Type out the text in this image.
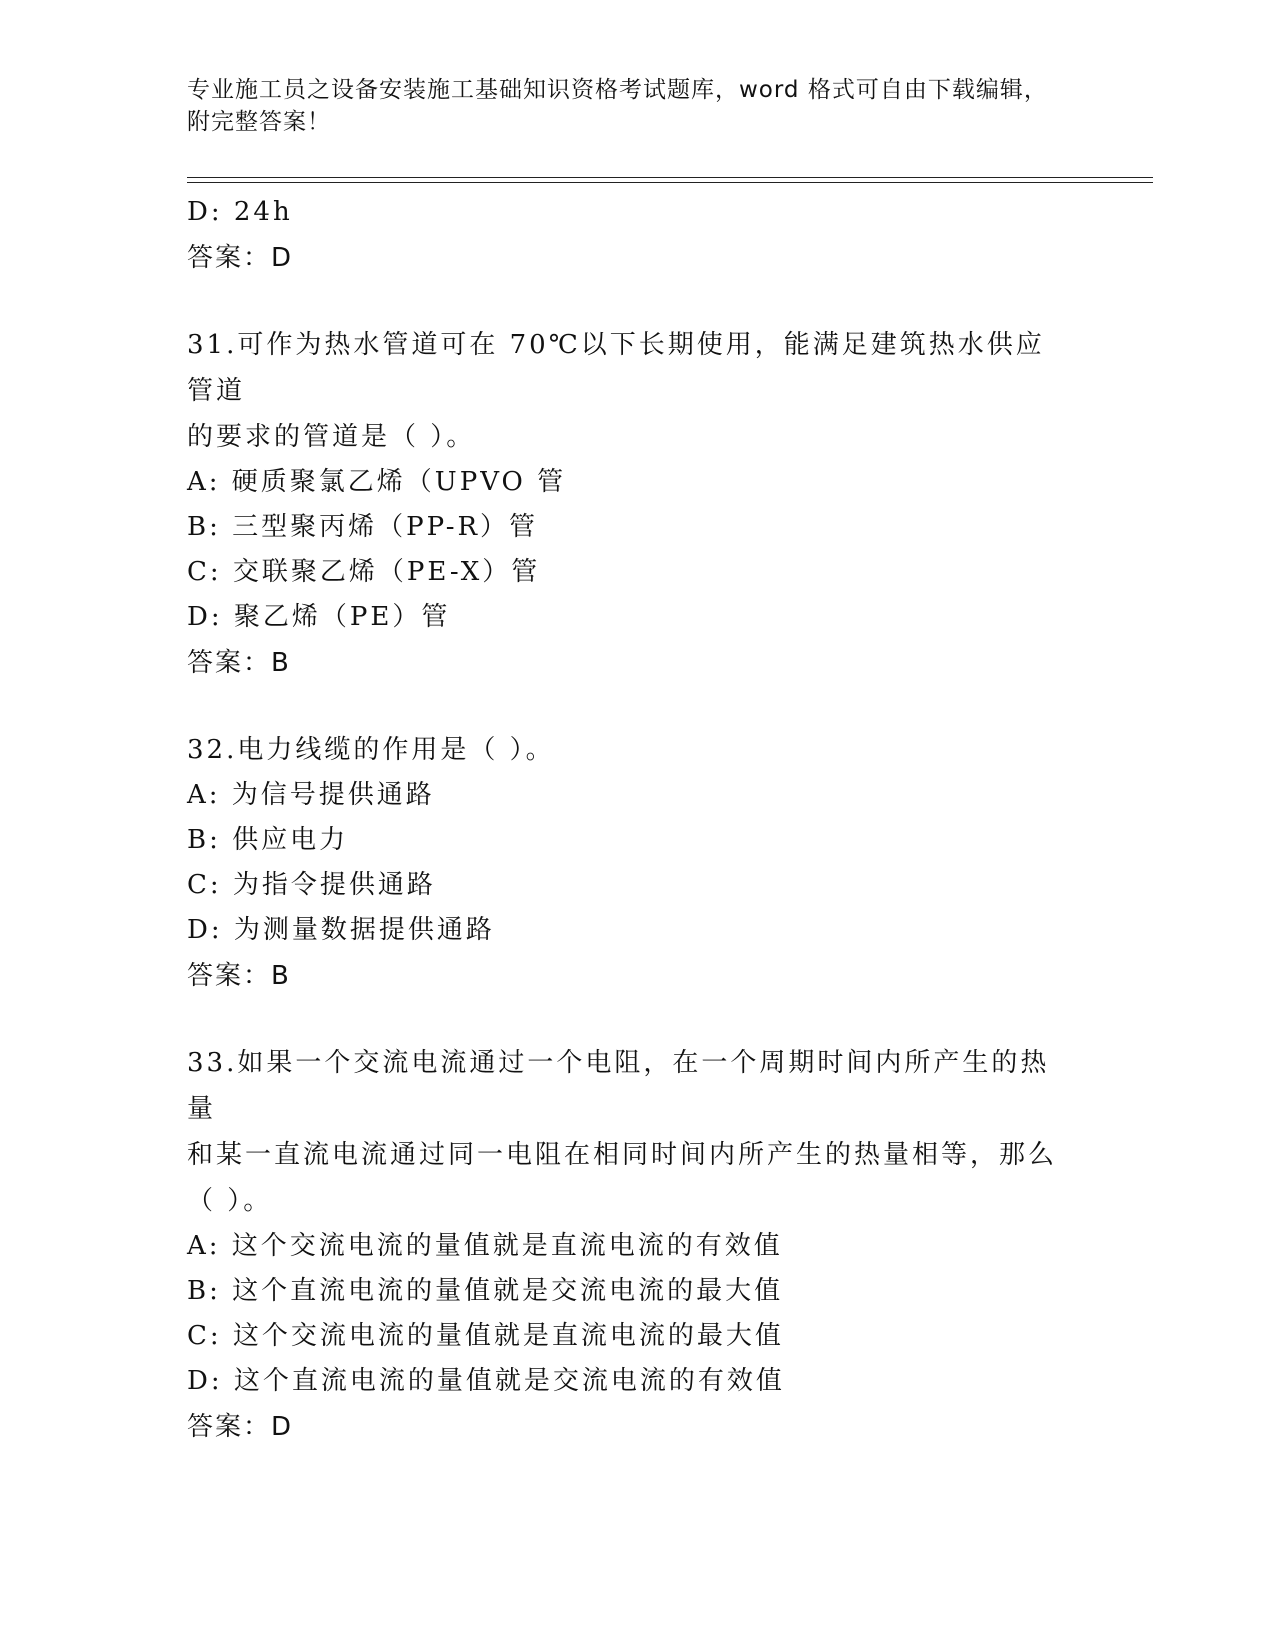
专业施工员之设备安装施工基础知识资格考试题库，word 格式可自由下载编辑，
附完整答案！
D: 24h
答案：D
31.可作为热水管道可在 70℃以下长期使用，能满足建筑热水供应管道
的要求的管道是（ ）。
A: 硬质聚氯乙烯（UPVO 管
B: 三型聚丙烯（PP-R）管
C: 交联聚乙烯（PE-X）管
D: 聚乙烯（PE）管
答案：B
32.电力线缆的作用是（ ）。
A: 为信号提供通路
B: 供应电力
C: 为指令提供通路
D: 为测量数据提供通路
答案：B
33.如果一个交流电流通过一个电阻，在一个周期时间内所产生的热量
和某一直流电流通过同一电阻在相同时间内所产生的热量相等，那么
（ ）。
A: 这个交流电流的量值就是直流电流的有效值
B: 这个直流电流的量值就是交流电流的最大值
C: 这个交流电流的量值就是直流电流的最大值
D: 这个直流电流的量值就是交流电流的有效值
答案：D
